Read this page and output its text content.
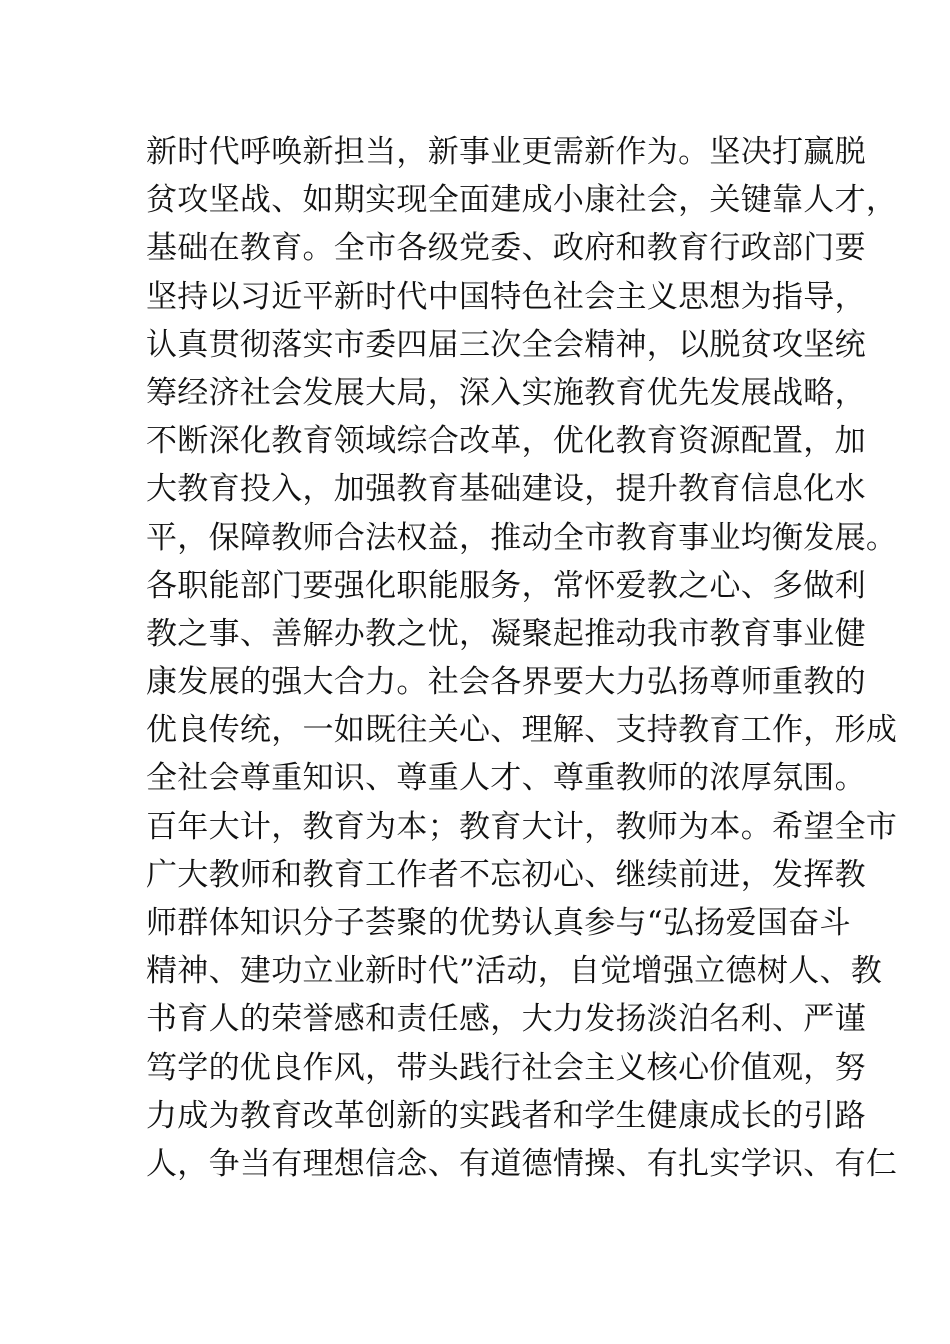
新时代呼唤新担当，新事业更需新作为。坚决打赢脱
贫攻坚战、如期实现全面建成小康社会，关键靠人才，
基础在教育。全市各级党委、政府和教育行政部门要
坚持以习近平新时代中国特色社会主义思想为指导，
认真贯彻落实市委四届三次全会精神，以脱贫攻坚统
筹经济社会发展大局，深入实施教育优先发展战略，
不断深化教育领域综合改革，优化教育资源配置，加
大教育投入，加强教育基础建设，提升教育信息化水
平，保障教师合法权益，推动全市教育事业均衡发展。
各职能部门要强化职能服务，常怀爱教之心、多做利
教之事、善解办教之忧，凝聚起推动我市教育事业健
康发展的强大合力。社会各界要大力弘扬尊师重教的
优良传统，一如既往关心、理解、支持教育工作，形成
全社会尊重知识、尊重人才、尊重教师的浓厚氛围。
百年大计，教育为本；教育大计，教师为本。希望全市
广大教师和教育工作者不忘初心、继续前进，发挥教
师群体知识分子荟聚的优势认真参与“弘扬爱国奋斗
精神、建功立业新时代”活动，自觉增强立德树人、教
书育人的荣誉感和责任感，大力发扬淡泊名利、严谨
笃学的优良作风，带头践行社会主义核心价值观，努
力成为教育改革创新的实践者和学生健康成长的引路
人，争当有理想信念、有道德情操、有扎实学识、有仁
